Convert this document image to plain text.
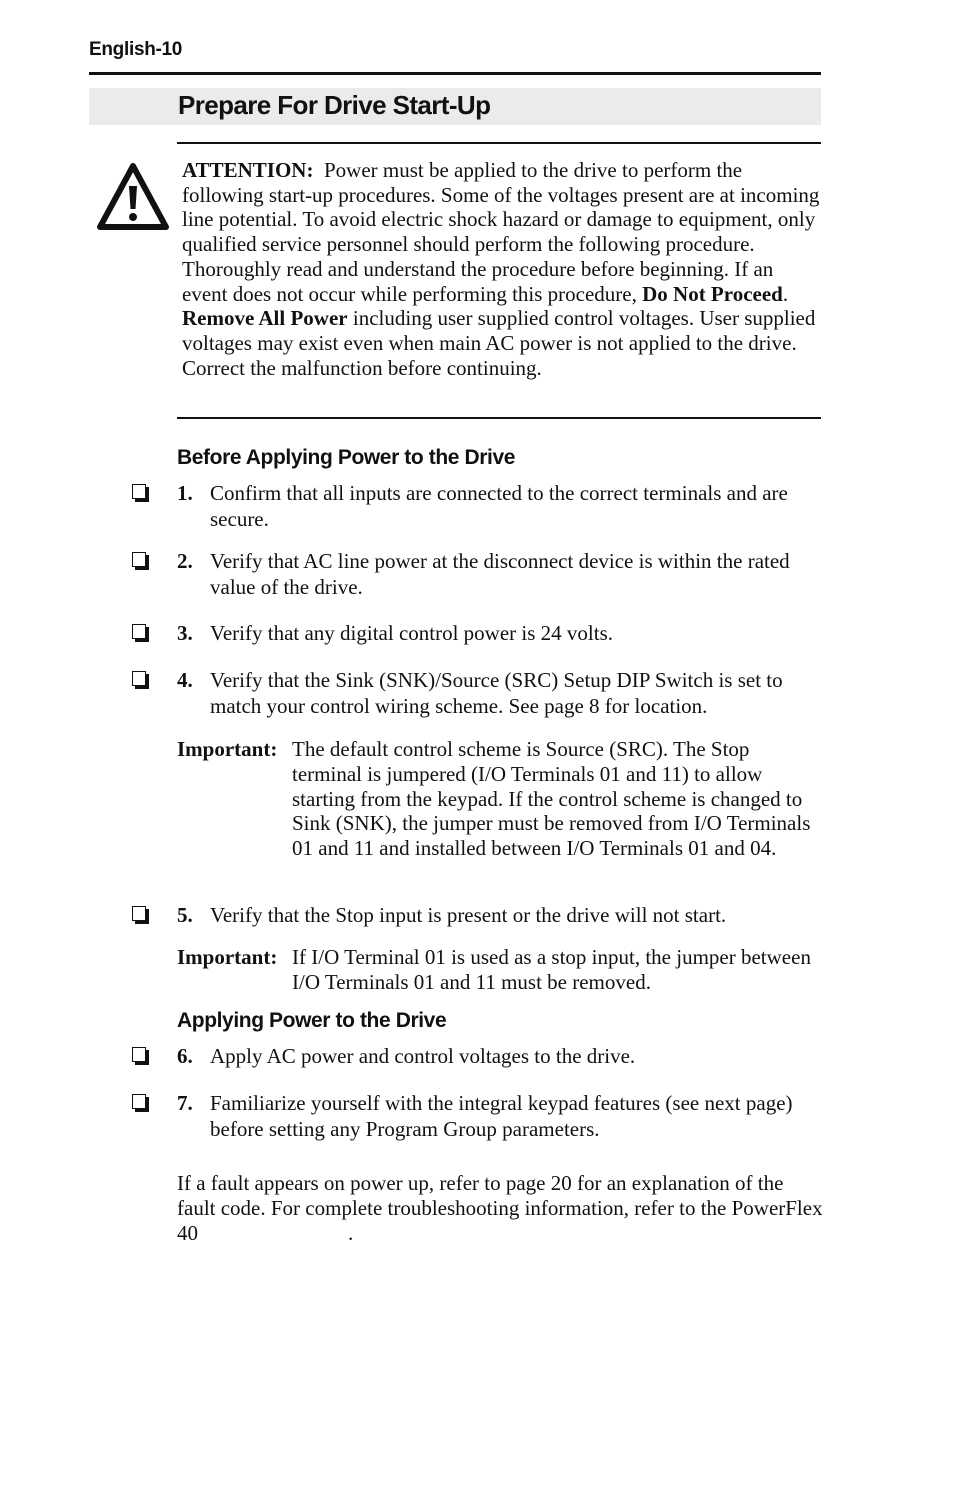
English-10
Prepare For Drive Start-Up
ATTENTION: Power must be applied to the drive to perform the following start-up procedures. Some of the voltages present are at incoming line potential. To avoid electric shock hazard or damage to equipment, only qualified service personnel should perform the following procedure. Thoroughly read and understand the procedure before beginning. If an event does not occur while performing this procedure, Do Not Proceed. Remove All Power including user supplied control voltages. User supplied voltages may exist even when main AC power is not applied to the drive. Correct the malfunction before continuing.
Before Applying Power to the Drive
1. Confirm that all inputs are connected to the correct terminals and are secure.
2. Verify that AC line power at the disconnect device is within the rated value of the drive.
3. Verify that any digital control power is 24 volts.
4. Verify that the Sink (SNK)/Source (SRC) Setup DIP Switch is set to match your control wiring scheme. See page 8 for location.
Important: The default control scheme is Source (SRC). The Stop terminal is jumpered (I/O Terminals 01 and 11) to allow starting from the keypad. If the control scheme is changed to Sink (SNK), the jumper must be removed from I/O Terminals 01 and 11 and installed between I/O Terminals 01 and 04.
5. Verify that the Stop input is present or the drive will not start.
Important: If I/O Terminal 01 is used as a stop input, the jumper between I/O Terminals 01 and 11 must be removed.
Applying Power to the Drive
6. Apply AC power and control voltages to the drive.
7. Familiarize yourself with the integral keypad features (see next page) before setting any Program Group parameters.
If a fault appears on power up, refer to page 20 for an explanation of the fault code. For complete troubleshooting information, refer to the PowerFlex 40	.
